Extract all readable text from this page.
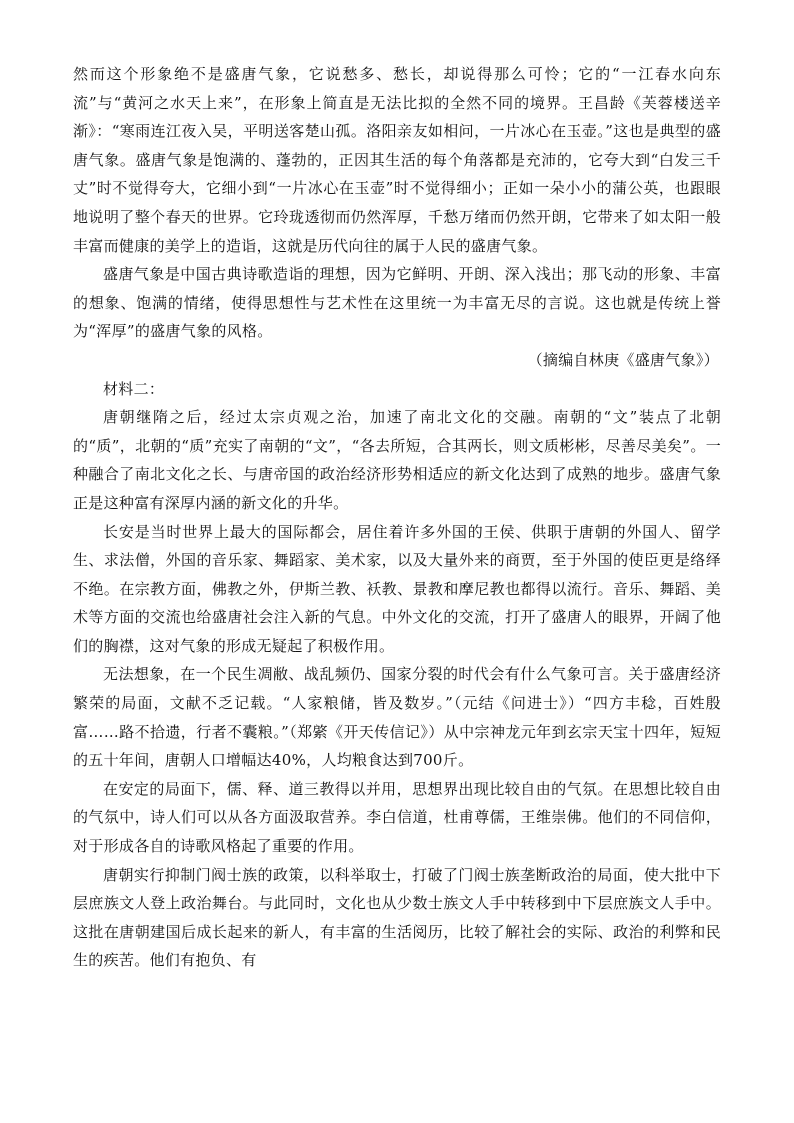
然而这个形象绝不是盛唐气象，它说愁多、愁长，却说得那么可怜；它的“一江春水向东流”与“黄河之水天上来”，在形象上简直是无法比拟的全然不同的境界。王昌龄《芙蓉楼送辛渐》：“寒雨连江夜入吴，平明送客楚山孤。洛阳亲友如相问，一片冰心在玉壶。”这也是典型的盛唐气象。盛唐气象是饱满的、蓬勃的，正因其生活的每个角落都是充沛的，它夸大到“白发三千丈”时不觉得夸大，它细小到“一片冰心在玉壶”时不觉得细小；正如一朵小小的蒲公英，也跟眼地说明了整个春天的世界。它玲珑透彻而仍然浑厚，千愁万绪而仍然开朗，它带来了如太阳一般丰富而健康的美学上的造诣，这就是历代向往的属于人民的盛唐气象。

盛唐气象是中国古典诗歌造诣的理想，因为它鲜明、开朗、深入浅出；那飞动的形象、丰富的想象、饱满的情绪，使得思想性与艺术性在这里统一为丰富无尽的言说。这也就是传统上誉为“浑厚”的盛唐气象的风格。

（摘编自林庚《盛唐气象》）

材料二：

唐朝继隋之后，经过太宗贞观之治，加速了南北文化的交融。南朝的“文”装点了北朝的“质”，北朝的“质”充实了南朝的“文”，“各去所短，合其两长，则文质彬彬，尽善尽美矣”。一种融合了南北文化之长、与唐帝国的政治经济形势相适应的新文化达到了成熟的地步。盛唐气象正是这种富有深厚内涵的新文化的升华。

长安是当时世界上最大的国际都会，居住着许多外国的王侯、供职于唐朝的外国人、留学生、求法僧，外国的音乐家、舞蹈家、美术家，以及大量外来的商贾，至于外国的使臣更是络绎不绝。在宗教方面，佛教之外，伊斯兰教、袄教、景教和摩尼教也都得以流行。音乐、舞蹈、美术等方面的交流也给盛唐社会注入新的气息。中外文化的交流，打开了盛唐人的眼界，开阔了他们的胸襟，这对气象的形成无疑起了积极作用。

无法想象，在一个民生凋敝、战乱频仍、国家分裂的时代会有什么气象可言。关于盛唐经济繁荣的局面，文献不乏记载。“人家粮储，皆及数岁。”（元结《问进士》）“四方丰稔，百姓殷富……路不拾遗，行者不囊粮。”（郑綮《开天传信记》）从中宗神龙元年到玄宗天宝十四年，短短的五十年间，唐朝人口增幅达40%，人均粮食达到700斤。

在安定的局面下，儒、释、道三教得以并用，思想界出现比较自由的气氛。在思想比较自由的气氛中，诗人们可以从各方面汲取营养。李白信道，杜甫尊儒，王维崇佛。他们的不同信仰，对于形成各自的诗歌风格起了重要的作用。

唐朝实行抑制门阀士族的政策，以科举取士，打破了门阀士族垄断政治的局面，使大批中下层庶族文人登上政治舞台。与此同时，文化也从少数士族文人手中转移到中下层庶族文人手中。这批在唐朝建国后成长起来的新人，有丰富的生活阅历，比较了解社会的实际、政治的利弊和民生的疾苦。他们有抱负、有
